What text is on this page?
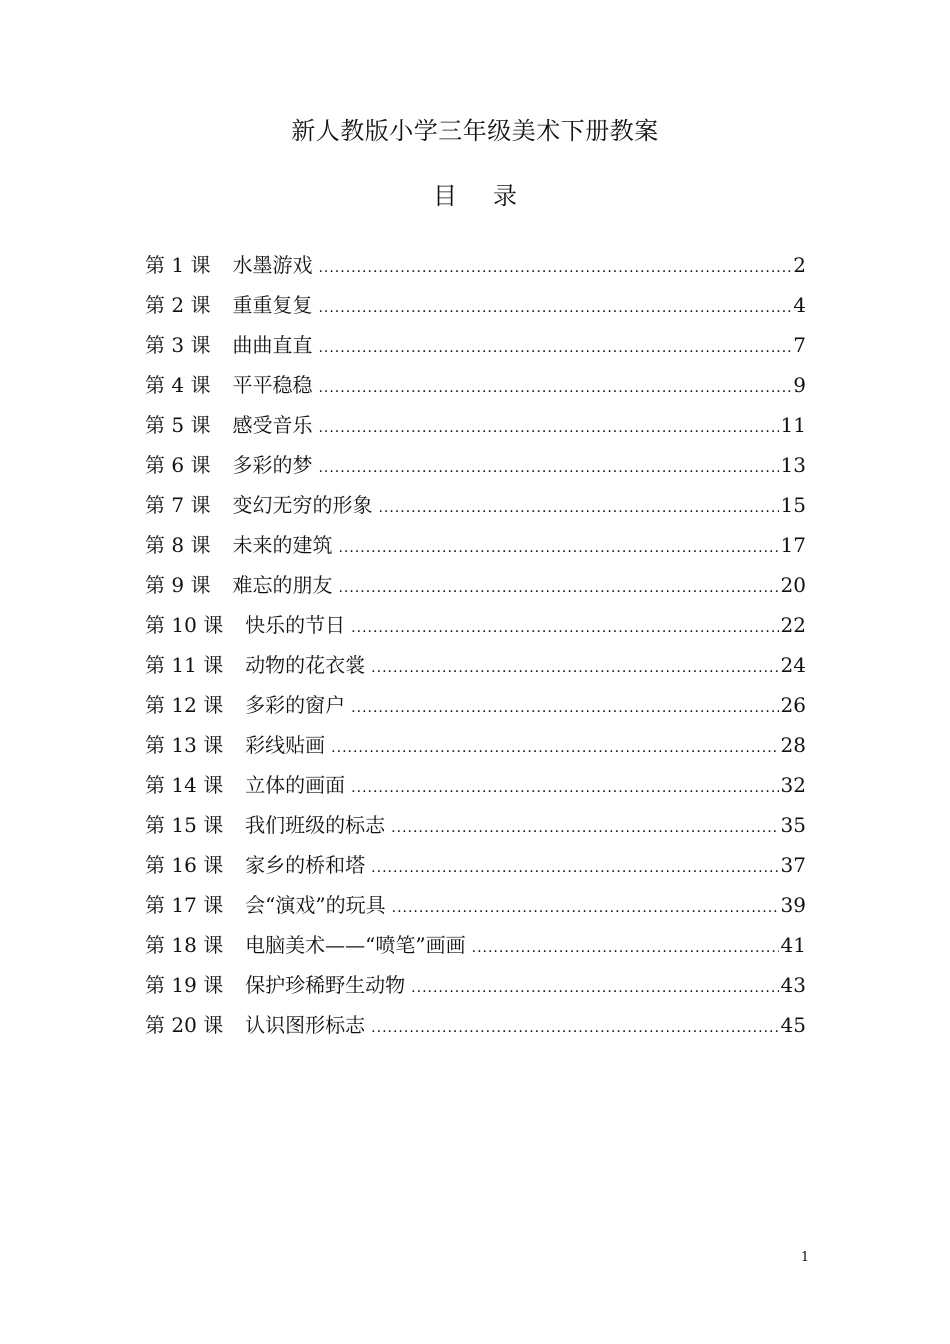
新人教版小学三年级美术下册教案
目录
第 1 课 水墨游戏 .....	2
第 2 课 重重复复 .....	4
第 3 课 曲曲直直 .....	7
第 4 课 平平稳稳 .....	9
第 5 课 感受音乐 .....	11
第 6 课 多彩的梦 .....	13
第 7 课 变幻无穷的形象 .....	15
第 8 课 未来的建筑 .....	17
第 9 课 难忘的朋友 .....	20
第 10 课 快乐的节日 .....	22
第 11 课 动物的花衣裳 .....	24
第 12 课 多彩的窗户 .....	26
第 13 课 彩线贴画 .....	28
第 14 课 立体的画面 .....	32
第 15 课 我们班级的标志 .....	35
第 16 课 家乡的桥和塔 .....	37
第 17 课 会“演戏”的玩具 .....	39
第 18 课 电脑美术——“喷笔”画画 .....	41
第 19 课 保护珍稀野生动物 .....	43
第 20 课 认识图形标志 .....	45
1
